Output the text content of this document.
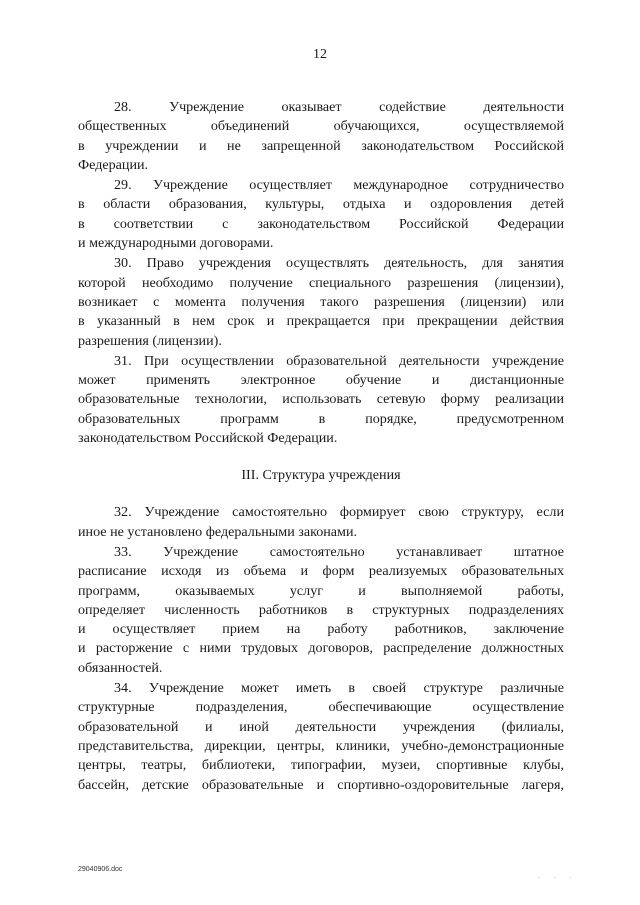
12
28. Учреждение оказывает содействие деятельности
общественных объединений обучающихся, осуществляемой
в учреждении и не запрещенной законодательством Российской
Федерации.
29. Учреждение осуществляет международное сотрудничество
в области образования, культуры, отдыха и оздоровления детей
в соответствии с законодательством Российской Федерации
и международными договорами.
30. Право учреждения осуществлять деятельность, для занятия
которой необходимо получение специального разрешения (лицензии),
возникает с момента получения такого разрешения (лицензии) или
в указанный в нем срок и прекращается при прекращении действия
разрешения (лицензии).
31. При осуществлении образовательной деятельности учреждение
может применять электронное обучение и дистанционные
образовательные технологии, использовать сетевую форму реализации
образовательных программ в порядке, предусмотренном
законодательством Российской Федерации.
III. Структура учреждения
32. Учреждение самостоятельно формирует свою структуру, если
иное не установлено федеральными законами.
33. Учреждение самостоятельно устанавливает штатное
расписание исходя из объема и форм реализуемых образовательных
программ, оказываемых услуг и выполняемой работы,
определяет численность работников в структурных подразделениях
и осуществляет прием на работу работников, заключение
и расторжение с ними трудовых договоров, распределение должностных
обязанностей.
34. Учреждение может иметь в своей структуре различные
структурные подразделения, обеспечивающие осуществление
образовательной и иной деятельности учреждения (филиалы,
представительства, дирекции, центры, клиники, учебно-демонстрационные
центры, театры, библиотеки, типографии, музеи, спортивные клубы,
бассейн, детские образовательные и спортивно-оздоровительные лагеря,
29040906.doc
· · ·
